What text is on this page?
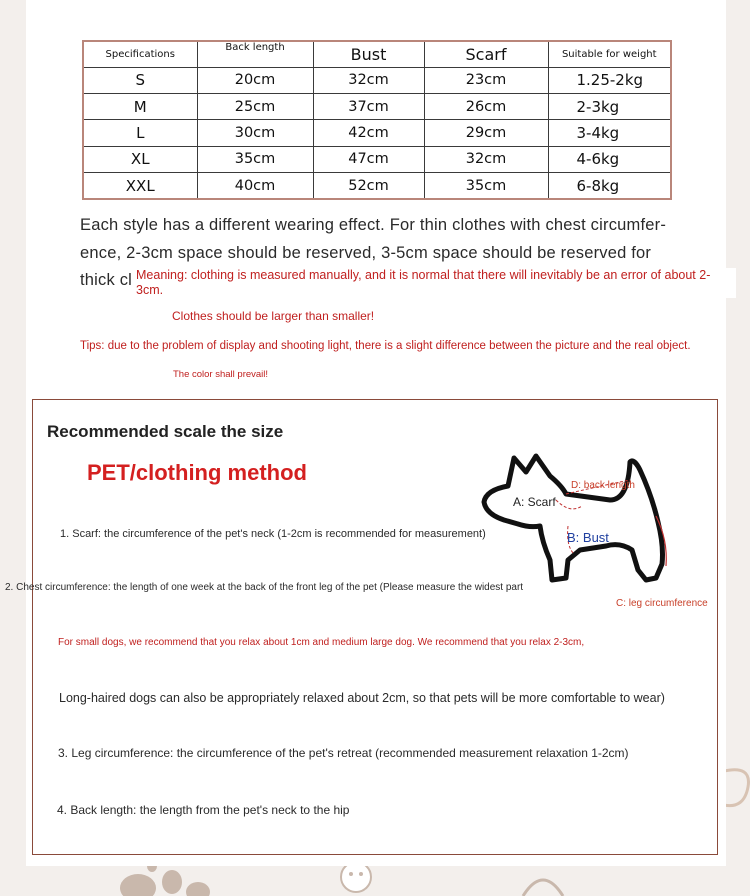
Specifications	Back length	Bust	Scarf	Suitable for weight
S	20cm	32cm	23cm	1.25-2kg
M	25cm	37cm	26cm	2-3kg
L	30cm	42cm	29cm	3-4kg
XL	35cm	47cm	32cm	4-6kg
XXL	40cm	52cm	35cm	6-8kg

Each style has a different wearing effect. For thin clothes with chest circumfer-ence, 2-3cm space should be reserved, 3-5cm space should be reserved for thick cl Meaning: clothing is measured manually, and it is normal that there will inevitably be an error of about 2-3cm.

Clothes should be larger than smaller!

Tips: due to the problem of display and shooting light, there is a slight difference between the picture and the real object.

The color shall prevail!

Recommended scale the size
PET/clothing method
A: Scarf
B: Bust
C: leg circumference
D: back length

1. Scarf: the circumference of the pet's neck (1-2cm is recommended for measurement)

2. Chest circumference: the length of one week at the back of the front leg of the pet (Please measure the widest part

For small dogs, we recommend that you relax about 1cm and medium large dog. We recommend that you relax 2-3cm,

Long-haired dogs can also be appropriately relaxed about 2cm, so that pets will be more comfortable to wear)

3. Leg circumference: the circumference of the pet's retreat (recommended measurement relaxation 1-2cm)

4. Back length: the length from the pet's neck to the hip
